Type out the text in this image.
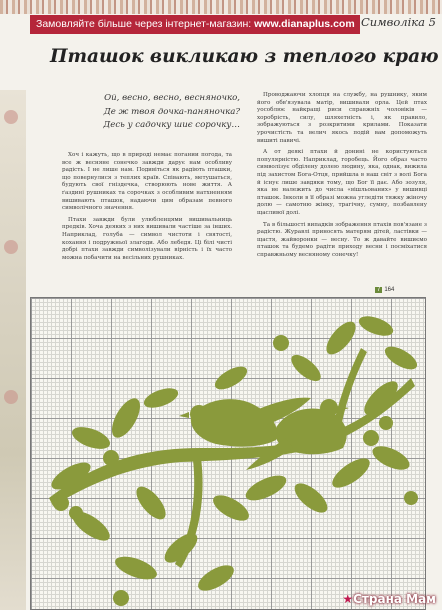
Замовляйте більше через інтернет-магазин: www.dianaplus.com Символіка 5
Пташок викликаю з теплого краю
Ой, весно, весно, весняночко,
Де ж твоя дочка-паняночка?
Десь у садочку шиє сорочку…

Хоч і кажуть, що в природі немає погании погода, та все ж весняне сонечко завжди дарує нам особливу радість. І не лише нам. Подивіться як радіють пташки, що повернулися з теплих країв. Співають, метушаться, будують свої гніздечка, створюють нове життя. А ґаздині рушниках та сорочках з особливим натхненням вишивають пташок, надаючи цим образам певного символічного значення.

Птахи завжди були улюбленцями вишивальниць предків. Хоча деяких з них вишивали частіше за інших. Наприклад, голуба — символ чистоти і святості, кохання і подружньої злагоди. Або лебедя. Ці білі чисті добрі птахи завжди символізували вірність і їх часто можна побачити на весільних рушниках.

Проводжаючи хлопця на службу, на рушнику, яким його обв'язувала матір, вишивали орла. Цей птах уособлює найкращі риси справжніх чоловіків — хоробрість, силу, шляхетність і, як правило, зображуються з розкритими крилами. Показати урочистість та велич якось подій вам допоможуть вишиті павичі.

А от деякі птахи й донині не користуються популярністю. Наприклад, горобець. Його образ часто символізує обділену долею людину, яка, однак, вижила під захистом Бога-Отця, прийшла в наш світ з волі Бога й існує лише завдяки тому, що Бог її дає. Або зозуля, яка не належить до числа «вішльованих» у вишивці пташок. Інколи в її образі можна угледіти тяжку жіночу долю — самотню жінку, трагічну, сумну, позбавлену щасливої долі.

Та в більшості випадків зображення птахів пов'язане з радістю. Журавлі приносять матерям дітей, ластівки — щастя, жайворонки — весну. То ж давайте вишиємо пташок та будемо радіти приходу весни і посміхатися справжньому весняному сонечку!

7 164
★Страна Мам
